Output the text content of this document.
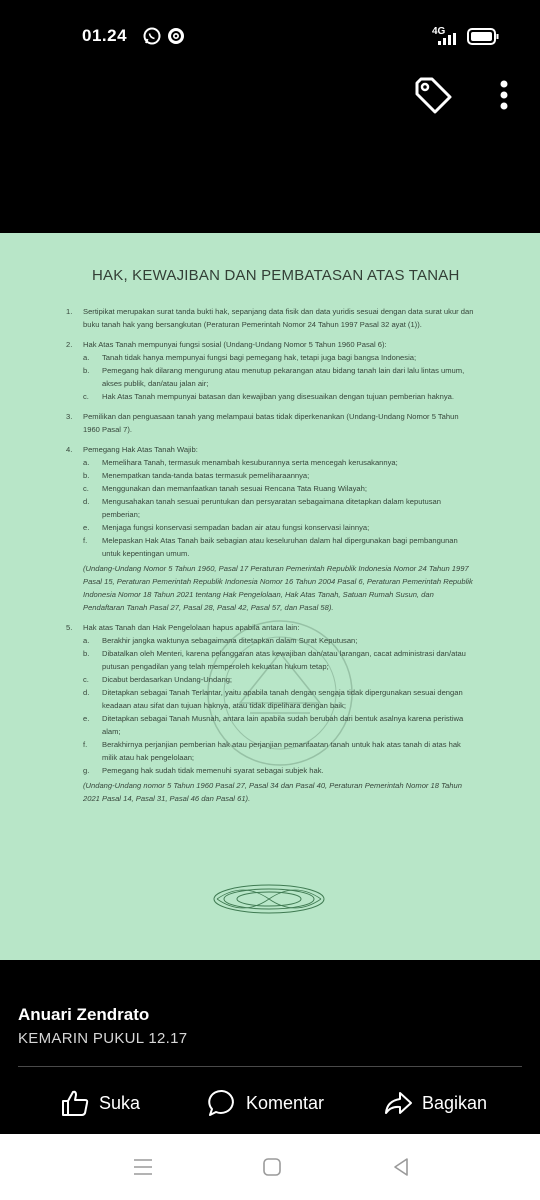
01.24	4G
HAK, KEWAJIBAN DAN PEMBATASAN ATAS TANAH
1.	Sertipikat merupakan surat tanda bukti hak, sepanjang data fisik dan data yuridis sesuai dengan data surat ukur dan buku tanah hak yang bersangkutan (Peraturan Pemerintah Nomor 24 Tahun 1997 Pasal 32 ayat (1)).
2.	Hak Atas Tanah mempunyai fungsi sosial (Undang-Undang Nomor 5 Tahun 1960 Pasal 6):
a.	Tanah tidak hanya mempunyai fungsi bagi pemegang hak, tetapi juga bagi bangsa Indonesia;
b.	Pemegang hak dilarang mengurung atau menutup pekarangan atau bidang tanah lain dari lalu lintas umum, akses publik, dan/atau jalan air;
c.	Hak Atas Tanah mempunyai batasan dan kewajiban yang disesuaikan dengan tujuan pemberian haknya.
3.	Pemilikan dan penguasaan tanah yang melampaui batas tidak diperkenankan (Undang-Undang Nomor 5 Tahun 1960 Pasal 7).
4.	Pemegang Hak Atas Tanah Wajib:
a.	Memelihara Tanah, termasuk menambah kesuburannya serta mencegah kerusakannya;
b.	Menempatkan tanda-tanda batas termasuk pemeliharaannya;
c.	Menggunakan dan memanfaatkan tanah sesuai Rencana Tata Ruang Wilayah;
d.	Mengusahakan tanah sesuai peruntukan dan persyaratan sebagaimana ditetapkan dalam keputusan pemberian;
e.	Menjaga fungsi konservasi sempadan badan air atau fungsi konservasi lainnya;
f.	Melepaskan Hak Atas Tanah baik sebagian atau keseluruhan dalam hal dipergunakan bagi pembangunan untuk kepentingan umum.
(Undang-Undang Nomor 5 Tahun 1960, Pasal 17 Peraturan Pemerintah Republik Indonesia Nomor 24 Tahun 1997 Pasal 15, Peraturan Pemerintah Republik Indonesia Nomor 16 Tahun 2004 Pasal 6, Peraturan Pemerintah Republik Indonesia Nomor 18 Tahun 2021 tentang Hak Pengelolaan, Hak Atas Tanah, Satuan Rumah Susun, dan Pendaftaran Tanah Pasal 27, Pasal 28, Pasal 42, Pasal 57, dan Pasal 58).
5.	Hak atas Tanah dan Hak Pengelolaan hapus apabila antara lain:
a.	Berakhir jangka waktunya sebagaimana ditetapkan dalam Surat Keputusan;
b.	Dibatalkan oleh Menteri, karena pelanggaran atas kewajiban dan/atau larangan, cacat administrasi dan/atau putusan pengadilan yang telah memperoleh kekuatan hukum tetap;
c.	Dicabut berdasarkan Undang-Undang;
d.	Ditetapkan sebagai Tanah Terlantar, yaitu apabila tanah dengan sengaja tidak dipergunakan sesuai dengan keadaan atau sifat dan tujuan haknya, atau tidak dipelihara dengan baik;
e.	Ditetapkan sebagai Tanah Musnah, antara lain apabila sudah berubah dari bentuk asalnya karena peristiwa alam;
f.	Berakhirnya perjanjian pemberian hak atau perjanjian pemanfaatan tanah untuk hak atas tanah di atas hak milik atau hak pengelolaan;
g.	Pemegang hak sudah tidak memenuhi syarat sebagai subjek hak.
(Undang-Undang nomor 5 Tahun 1960 Pasal 27, Pasal 34 dan Pasal 40, Peraturan Pemerintah Nomor 18 Tahun 2021 Pasal 14, Pasal 31, Pasal 46 dan Pasal 61).
Anuari Zendrato
KEMARIN PUKUL 12.17
Suka	Komentar	Bagikan
